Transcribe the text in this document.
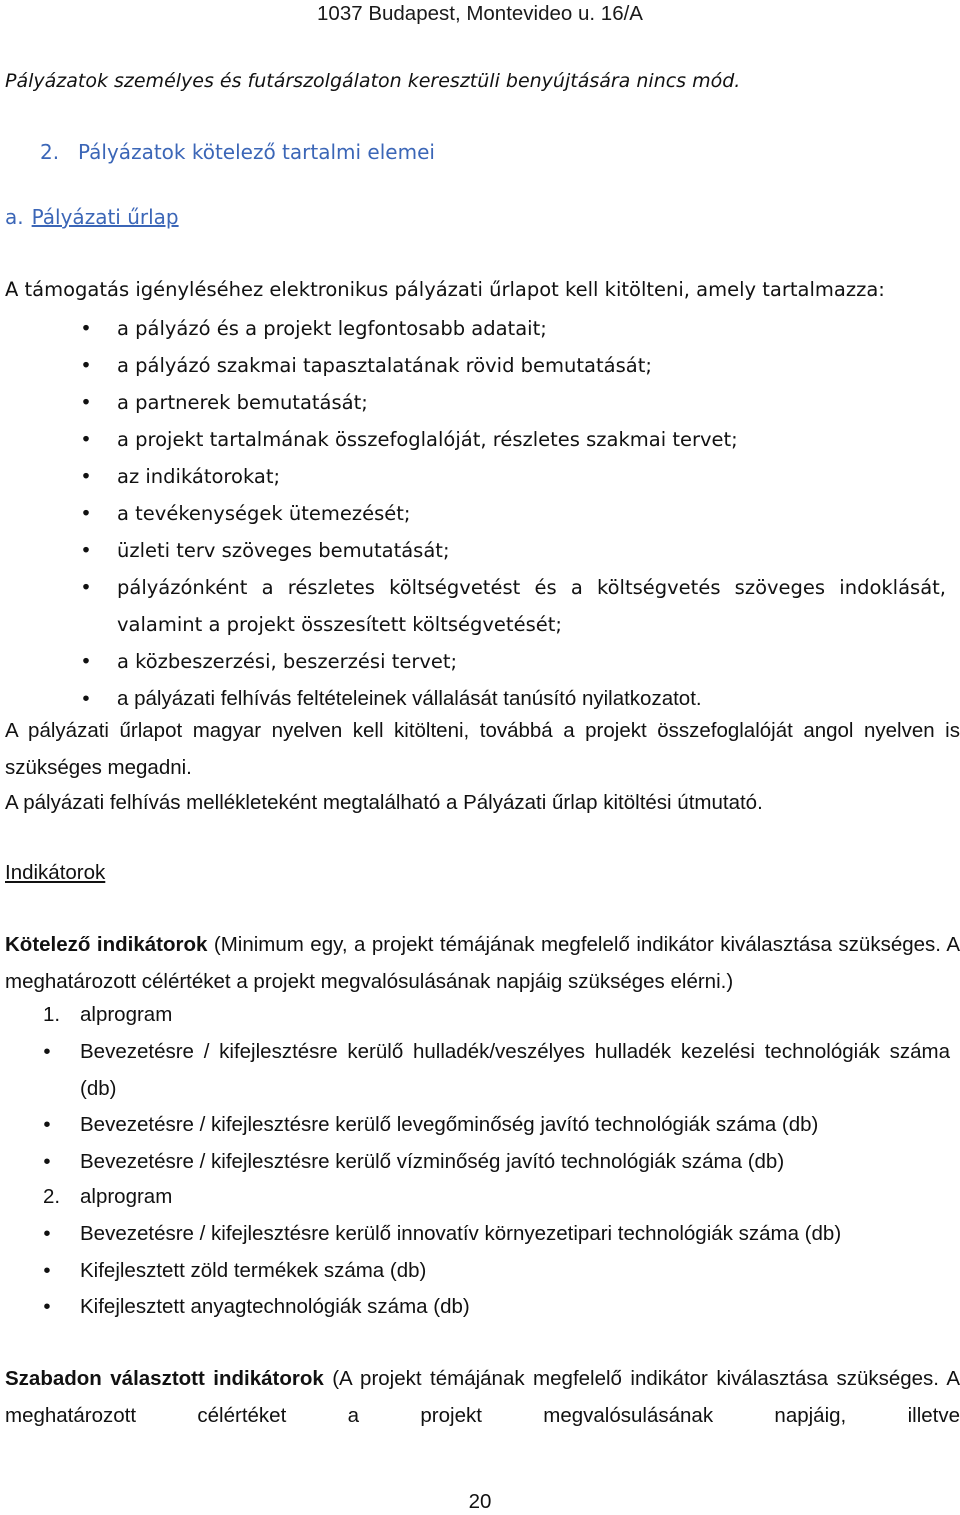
1037 Budapest, Montevideo u. 16/A
Pályázatok személyes és futárszolgálaton keresztüli benyújtására nincs mód.
2. Pályázatok kötelező tartalmi elemei
a. Pályázati űrlap
A támogatás igényléséhez elektronikus pályázati űrlapot kell kitölteni, amely tartalmazza:
• a pályázó és a projekt legfontosabb adatait;
• a pályázó szakmai tapasztalatának rövid bemutatását;
• a partnerek bemutatását;
• a projekt tartalmának összefoglalóját, részletes szakmai tervet;
• az indikátorokat;
• a tevékenységek ütemezését;
• üzleti terv szöveges bemutatását;
• pályázónként a részletes költségvetést és a költségvetés szöveges indoklását, valamint a projekt összesített költségvetését;
• a közbeszerzési, beszerzési tervet;
• a pályázati felhívás feltételeinek vállalását tanúsító nyilatkozatot.
A pályázati űrlapot magyar nyelven kell kitölteni, továbbá a projekt összefoglalóját angol nyelven is szükséges megadni.
A pályázati felhívás mellékleteként megtalálható a Pályázati űrlap kitöltési útmutató.
Indikátorok
Kötelező indikátorok (Minimum egy, a projekt témájának megfelelő indikátor kiválasztása szükséges. A meghatározott célértéket a projekt megvalósulásának napjáig szükséges elérni.)
1. alprogram
• Bevezetésre / kifejlesztésre kerülő hulladék/veszélyes hulladék kezelési technológiák száma (db)
• Bevezetésre / kifejlesztésre kerülő levegőminőség javító technológiák száma (db)
• Bevezetésre / kifejlesztésre kerülő vízminőség javító technológiák száma (db)
2. alprogram
• Bevezetésre / kifejlesztésre kerülő innovatív környezetipari technológiák száma (db)
• Kifejlesztett zöld termékek száma (db)
• Kifejlesztett anyagtechnológiák száma (db)
Szabadon választott indikátorok (A projekt témájának megfelelő indikátor kiválasztása szükséges. A meghatározott célértéket a projekt megvalósulásának napjáig, illetve
20
